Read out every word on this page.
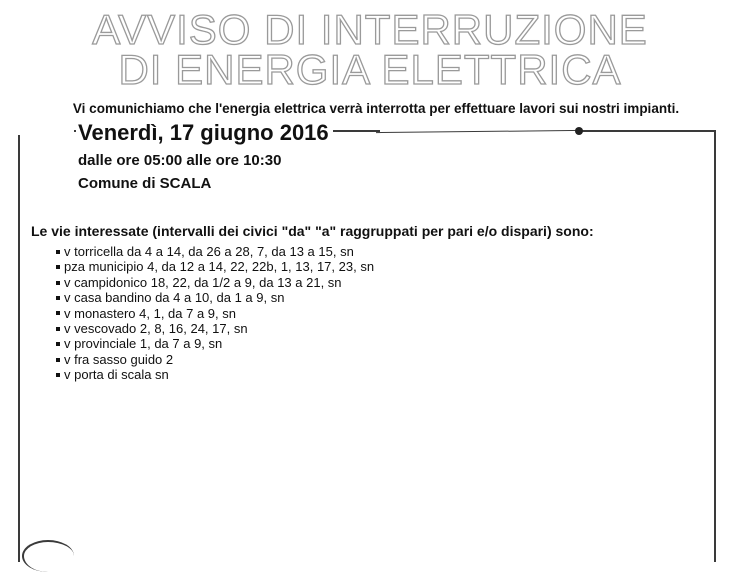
AVVISO DI INTERRUZIONE
DI ENERGIA ELETTRICA
Vi comunichiamo che l'energia elettrica verrà interrotta per effettuare lavori sui nostri impianti.
Venerdì, 17 giugno 2016
dalle ore 05:00 alle ore 10:30
Comune di SCALA
Le vie interessate (intervalli dei civici "da" "a" raggruppati per pari e/o dispari) sono:
v torricella da 4 a 14, da 26 a 28, 7, da 13 a 15, sn
pza municipio 4, da 12 a 14, 22, 22b, 1, 13, 17, 23, sn
v campidonico 18, 22, da 1/2 a 9, da 13 a 21, sn
v casa bandino da 4 a 10, da 1 a 9, sn
v monastero 4, 1, da 7 a 9, sn
v vescovado 2, 8, 16, 24, 17, sn
v provinciale 1, da 7 a 9, sn
v fra sasso guido 2
v porta di scala sn
